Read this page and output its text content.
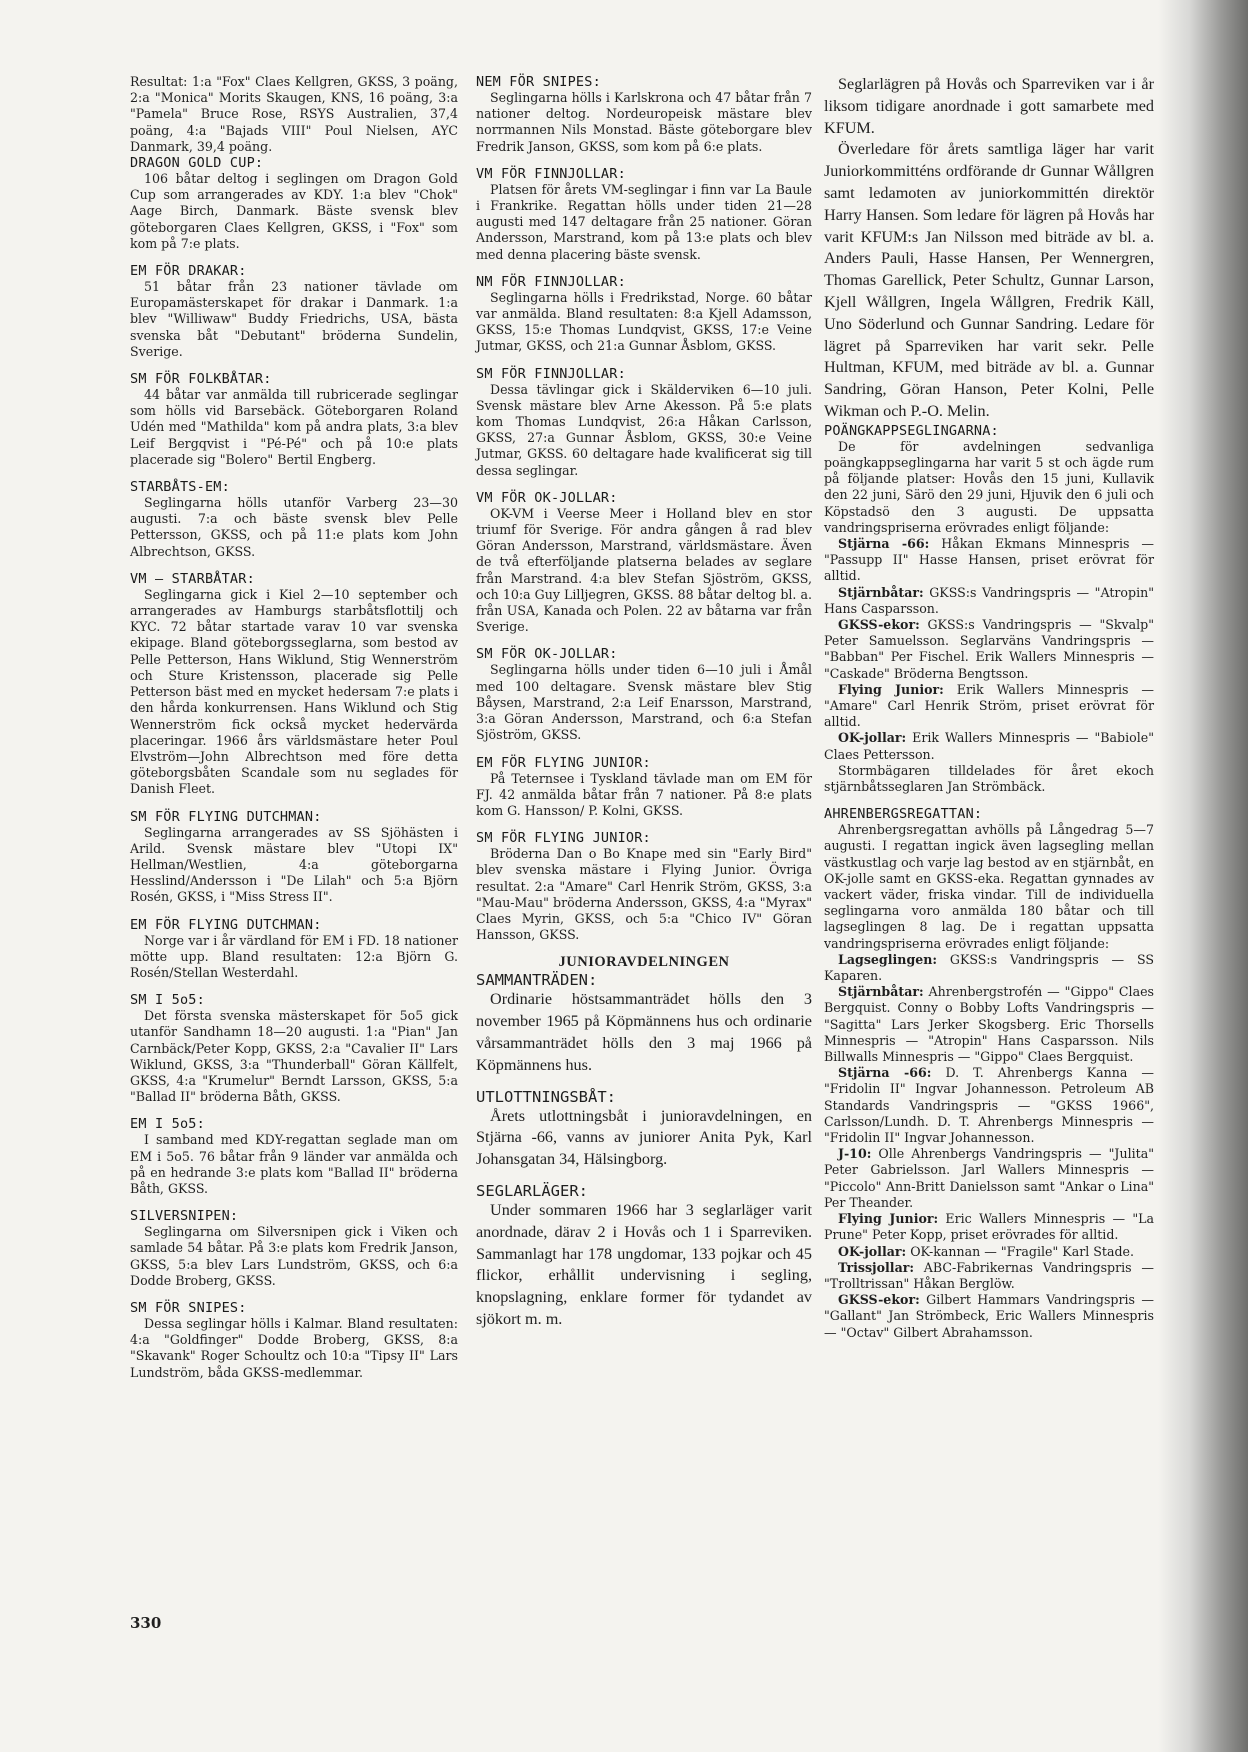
Resultat: 1:a "Fox" Claes Kellgren, GKSS, 3 poäng, 2:a "Monica" Morits Skaugen, KNS, 16 poäng, 3:a "Pamela" Bruce Rose, RSYS Australien, 37,4 poäng, 4:a "Bajads VIII" Poul Nielsen, AYC Danmark, 39,4 poäng.

DRAGON GOLD CUP:

106 båtar deltog i seglingen om Dragon Gold Cup som arrangerades av KDY. 1:a blev "Chok" Aage Birch, Danmark. Bäste svensk blev göteborgaren Claes Kellgren, GKSS, i "Fox" som kom på 7:e plats.

EM FÖR DRAKAR:

51 båtar från 23 nationer tävlade om Europamästerskapet för drakar i Danmark. 1:a blev "Williwaw" Buddy Friedrichs, USA, bästa svenska båt "Debutant" bröderna Sundelin, Sverige.

SM FÖR FOLKBÅTAR:

44 båtar var anmälda till rubricerade seglingar som hölls vid Barsebäck. Göteborgaren Roland Udén med "Mathilda" kom på andra plats, 3:a blev Leif Bergqvist i "Pé-Pé" och på 10:e plats placerade sig "Bolero" Bertil Engberg.

STARBÅTS-EM:

Seglingarna hölls utanför Varberg 23—30 augusti. 7:a och bäste svensk blev Pelle Pettersson, GKSS, och på 11:e plats kom John Albrechtson, GKSS.

VM — STARBÅTAR:

Seglingarna gick i Kiel 2—10 september och arrangerades av Hamburgs starbåtsflottilj och KYC. 72 båtar startade varav 10 var svenska ekipage. Bland göteborgsseglarna, som bestod av Pelle Petterson, Hans Wiklund, Stig Wennerström och Sture Kristensson, placerade sig Pelle Petterson bäst med en mycket hedersam 7:e plats i den hårda konkurrensen. Hans Wiklund och Stig Wennerström fick också mycket hedervärda placeringar. 1966 års världsmästare heter Poul Elvström—John Albrechtson med före detta göteborgsbåten Scandale som nu seglades för Danish Fleet.

SM FÖR FLYING DUTCHMAN:

Seglingarna arrangerades av SS Sjöhästen i Arild. Svensk mästare blev "Utopi IX" Hellman/Westlien, 4:a göteborgarna Hesslind/Andersson i "De Lilah" och 5:a Björn Rosén, GKSS, i "Miss Stress II".

EM FÖR FLYING DUTCHMAN:

Norge var i år värdland för EM i FD. 18 nationer mötte upp. Bland resultaten: 12:a Björn G. Rosén/Stellan Westerdahl.

SM I 5o5:

Det första svenska mästerskapet för 5o5 gick utanför Sandhamn 18—20 augusti. 1:a "Pian" Jan Carnbäck/Peter Kopp, GKSS, 2:a "Cavalier II" Lars Wiklund, GKSS, 3:a "Thunderball" Göran Källfelt, GKSS, 4:a "Krumelur" Berndt Larsson, GKSS, 5:a "Ballad II" bröderna Båth, GKSS.

EM I 5o5:

I samband med KDY-regattan seglade man om EM i 5o5. 76 båtar från 9 länder var anmälda och på en hedrande 3:e plats kom "Ballad II" bröderna Båth, GKSS.

SILVERSNIPEN:

Seglingarna om Silversnipen gick i Viken och samlade 54 båtar. På 3:e plats kom Fredrik Janson, GKSS, 5:a blev Lars Lundström, GKSS, och 6:a Dodde Broberg, GKSS.

SM FÖR SNIPES:

Dessa seglingar hölls i Kalmar. Bland resultaten: 4:a "Goldfinger" Dodde Broberg, GKSS, 8:a "Skavank" Roger Schoultz och 10:a "Tipsy II" Lars Lundström, båda GKSS-medlemmar.

NEM FÖR SNIPES:

Seglingarna hölls i Karlskrona och 47 båtar från 7 nationer deltog. Nordeuropeisk mästare blev norrmannen Nils Monstad. Bäste göteborgare blev Fredrik Janson, GKSS, som kom på 6:e plats.

VM FÖR FINNJOLLAR:

Platsen för årets VM-seglingar i finn var La Baule i Frankrike. Regattan hölls under tiden 21—28 augusti med 147 deltagare från 25 nationer. Göran Andersson, Marstrand, kom på 13:e plats och blev med denna placering bäste svensk.

NM FÖR FINNJOLLAR:

Seglingarna hölls i Fredrikstad, Norge. 60 båtar var anmälda. Bland resultaten: 8:a Kjell Adamsson, GKSS, 15:e Thomas Lundqvist, GKSS, 17:e Veine Jutmar, GKSS, och 21:a Gunnar Åsblom, GKSS.

SM FÖR FINNJOLLAR:

Dessa tävlingar gick i Skälderviken 6—10 juli. Svensk mästare blev Arne Akesson. På 5:e plats kom Thomas Lundqvist, 26:a Håkan Carlsson, GKSS, 27:a Gunnar Åsblom, GKSS, 30:e Veine Jutmar, GKSS. 60 deltagare hade kvalificerat sig till dessa seglingar.

VM FÖR OK-JOLLAR:

OK-VM i Veerse Meer i Holland blev en stor triumf för Sverige. För andra gången å rad blev Göran Andersson, Marstrand, världsmästare. Även de två efterföljande platserna belades av seglare från Marstrand. 4:a blev Stefan Sjöström, GKSS, och 10:a Guy Lilljegren, GKSS. 88 båtar deltog bl. a. från USA, Kanada och Polen. 22 av båtarna var från Sverige.

SM FÖR OK-JOLLAR:

Seglingarna hölls under tiden 6—10 juli i Åmål med 100 deltagare. Svensk mästare blev Stig Båysen, Marstrand, 2:a Leif Enarsson, Marstrand, 3:a Göran Andersson, Marstrand, och 6:a Stefan Sjöström, GKSS.

EM FÖR FLYING JUNIOR:

På Teternsee i Tyskland tävlade man om EM för FJ. 42 anmälda båtar från 7 nationer. På 8:e plats kom G. Hansson/ P. Kolni, GKSS.

SM FÖR FLYING JUNIOR:

Bröderna Dan o Bo Knape med sin "Early Bird" blev svenska mästare i Flying Junior. Övriga resultat. 2:a "Amare" Carl Henrik Ström, GKSS, 3:a "Mau-Mau" bröderna Andersson, GKSS, 4:a "Myrax" Claes Myrin, GKSS, och 5:a "Chico IV" Göran Hansson, GKSS.

JUNIORAVDELNINGEN

SAMMANTRÄDEN:

Ordinarie höstsammanträdet hölls den 3 november 1965 på Köpmännens hus och ordinarie vårsammanträdet hölls den 3 maj 1966 på Köpmännens hus.

UTLOTTNINGSBÅT:

Årets utlottningsbåt i junioravdelningen, en Stjärna -66, vanns av juniorer Anita Pyk, Karl Johansgatan 34, Hälsingborg.

SEGLARLÄGER:

Under sommaren 1966 har 3 seglarläger varit anordnade, därav 2 i Hovås och 1 i Sparreviken. Sammanlagt har 178 ungdomar, 133 pojkar och 45 flickor, erhållit undervisning i segling, knopslagning, enklare former för tydandet av sjökort m. m.

Seglarlägren på Hovås och Sparreviken var i år liksom tidigare anordnade i gott samarbete med KFUM.

Överledare för årets samtliga läger har varit Juniorkommitténs ordförande dr Gunnar Wållgren samt ledamoten av juniorkommittén direktör Harry Hansen. Som ledare för lägren på Hovås har varit KFUM:s Jan Nilsson med biträde av bl. a. Anders Pauli, Hasse Hansen, Per Wennergren, Thomas Garellick, Peter Schultz, Gunnar Larson, Kjell Wållgren, Ingela Wållgren, Fredrik Käll, Uno Söderlund och Gunnar Sandring. Ledare för lägret på Sparreviken har varit sekr. Pelle Hultman, KFUM, med biträde av bl. a. Gunnar Sandring, Göran Hanson, Peter Kolni, Pelle Wikman och P.-O. Melin.

POÄNGKAPPSEGLINGARNA:

De för avdelningen sedvanliga poängkappseglingarna har varit 5 st och ägde rum på följande platser: Hovås den 15 juni, Kullavik den 22 juni, Särö den 29 juni, Hjuvik den 6 juli och Köpstadsö den 3 augusti. De uppsatta vandringspriserna erövrades enligt följande:

Stjärna -66: Håkan Ekmans Minnespris — "Passupp II" Hasse Hansen, priset erövrat för alltid.

Stjärnbåtar: GKSS:s Vandringspris — "Atropin" Hans Casparsson.

GKSS-ekor: GKSS:s Vandringspris — "Skvalp" Peter Samuelsson. Seglarväns Vandringspris — "Babban" Per Fischel. Erik Wallers Minnespris — "Caskade" Bröderna Bengtsson.

Flying Junior: Erik Wallers Minnespris — "Amare" Carl Henrik Ström, priset erövrat för alltid.

OK-jollar: Erik Wallers Minnespris — "Babiole" Claes Pettersson.

Stormbägaren tilldelades för året ekoch stjärnbåtsseglaren Jan Strömbäck.

AHRENBERGSREGATTAN:

Ahrenbergsregattan avhölls på Långedrag 5—7 augusti. I regattan ingick även lagsegling mellan västkustlag och varje lag bestod av en stjärnbåt, en OK-jolle samt en GKSS-eka. Regattan gynnades av vackert väder, friska vindar. Till de individuella seglingarna voro anmälda 180 båtar och till lagseglingen 8 lag. De i regattan uppsatta vandringspriserna erövrades enligt följande:

Lagseglingen: GKSS:s Vandringspris — SS Kaparen.

Stjärnbåtar: Ahrenbergstrofén — "Gippo" Claes Bergquist. Conny o Bobby Lofts Vandringspris — "Sagitta" Lars Jerker Skogsberg. Eric Thorsells Minnespris — "Atropin" Hans Casparsson. Nils Billwalls Minnespris — "Gippo" Claes Bergquist.

Stjärna -66: D. T. Ahrenbergs Kanna — "Fridolin II" Ingvar Johannesson. Petroleum AB Standards Vandringspris — "GKSS 1966", Carlsson/Lundh. D. T. Ahrenbergs Minnespris — "Fridolin II" Ingvar Johannesson.

J-10: Olle Ahrenbergs Vandringspris — "Julita" Peter Gabrielsson. Jarl Wallers Minnespris — "Piccolo" Ann-Britt Danielsson samt "Ankar o Lina" Per Theander.

Flying Junior: Eric Wallers Minnespris — "La Prune" Peter Kopp, priset erövrades för alltid.

OK-jollar: OK-kannan — "Fragile" Karl Stade.

Trissjollar: ABC-Fabrikernas Vandringspris — "Trolltrissan" Håkan Berglöw.

GKSS-ekor: Gilbert Hammars Vandringspris — "Gallant" Jan Strömbeck, Eric Wallers Minnespris — "Octav" Gilbert Abrahamsson.

330
